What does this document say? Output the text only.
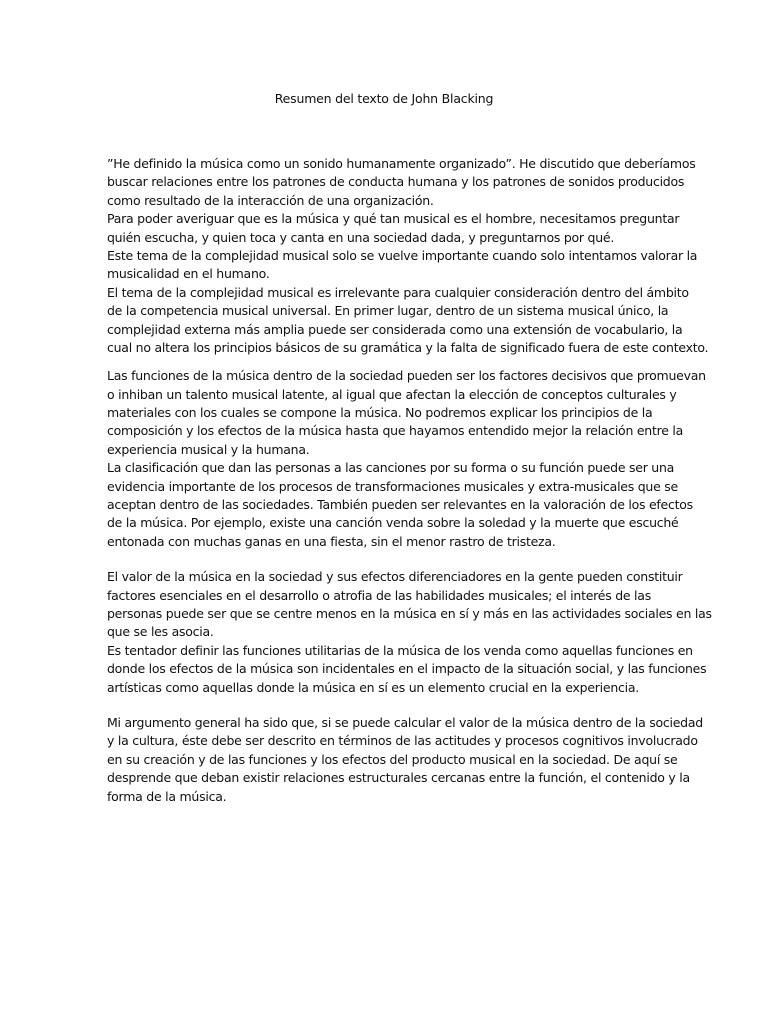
Resumen del texto de John Blacking
”He definido la música como un sonido humanamente organizado”. He discutido que deberíamos
buscar relaciones entre los patrones de conducta humana y los patrones de sonidos producidos
como resultado de la interacción de una organización.
Para poder averiguar que es la música y qué tan musical es el hombre, necesitamos preguntar
quién escucha, y quien toca y canta en una sociedad dada, y preguntarnos por qué.
Este tema de la complejidad musical solo se vuelve importante cuando solo intentamos valorar la
musicalidad en el humano.
El tema de la complejidad musical es irrelevante para cualquier consideración dentro del ámbito
de la competencia musical universal. En primer lugar, dentro de un sistema musical único, la
complejidad externa más amplia puede ser considerada como una extensión de vocabulario, la
cual no altera los principios básicos de su gramática y la falta de significado fuera de este contexto.
Las funciones de la música dentro de la sociedad pueden ser los factores decisivos que promuevan
o inhiban un talento musical latente, al igual que afectan la elección de conceptos culturales y
materiales con los cuales se compone la música. No podremos explicar los principios de la
composición y los efectos de la música hasta que hayamos entendido mejor la relación entre la
experiencia musical y la humana.
La clasificación que dan las personas a las canciones por su forma o su función puede ser una
evidencia importante de los procesos de transformaciones musicales y extra-musicales que se
aceptan dentro de las sociedades. También pueden ser relevantes en la valoración de los efectos
de la música. Por ejemplo, existe una canción venda sobre la soledad y la muerte que escuché
entonada con muchas ganas en una fiesta, sin el menor rastro de tristeza.
El valor de la música en la sociedad y sus efectos diferenciadores en la gente pueden constituir
factores esenciales en el desarrollo o atrofia de las habilidades musicales; el interés de las
personas puede ser que se centre menos en la música en sí y más en las actividades sociales en las
que se les asocia.
Es tentador definir las funciones utilitarias de la música de los venda como aquellas funciones en
donde los efectos de la música son incidentales en el impacto de la situación social, y las funciones
artísticas como aquellas donde la música en sí es un elemento crucial en la experiencia.
Mi argumento general ha sido que, si se puede calcular el valor de la música dentro de la sociedad
y la cultura, éste debe ser descrito en términos de las actitudes y procesos cognitivos involucrado
en su creación y de las funciones y los efectos del producto musical en la sociedad. De aquí se
desprende que deban existir relaciones estructurales cercanas entre la función, el contenido y la
forma de la música.
